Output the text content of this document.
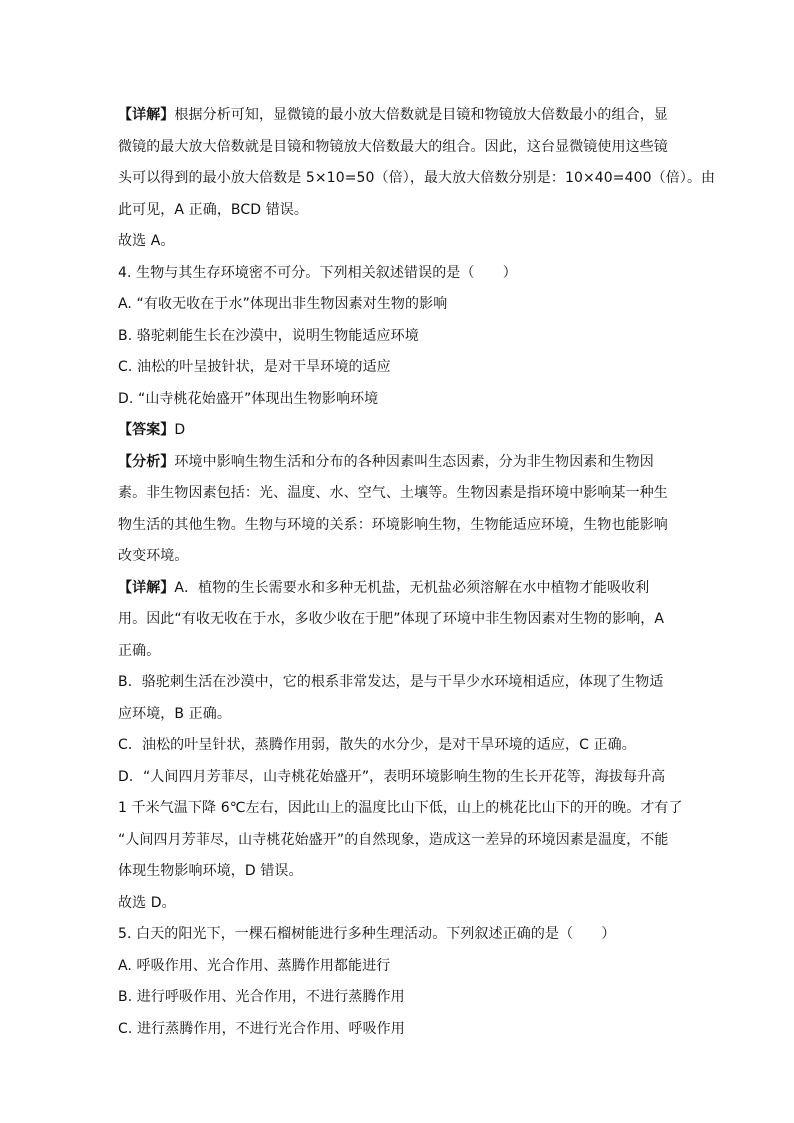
【详解】根据分析可知，显微镜的最小放大倍数就是目镜和物镜放大倍数最小的组合，显
微镜的最大放大倍数就是目镜和物镜放大倍数最大的组合。因此，这台显微镜使用这些镜
头可以得到的最小放大倍数是 5×10=50（倍），最大放大倍数分别是：10×40=400（倍）。由
此可见，A 正确，BCD 错误。
故选 A。
4. 生物与其生存环境密不可分。下列相关叙述错误的是（　　）
A. “有收无收在于水”体现出非生物因素对生物的影响
B. 骆驼刺能生长在沙漠中，说明生物能适应环境
C. 油松的叶呈披针状，是对干旱环境的适应
D. “山寺桃花始盛开”体现出生物影响环境
【答案】D
【分析】环境中影响生物生活和分布的各种因素叫生态因素，分为非生物因素和生物因
素。非生物因素包括：光、温度、水、空气、土壤等。生物因素是指环境中影响某一种生
物生活的其他生物。生物与环境的关系：环境影响生物，生物能适应环境，生物也能影响
改变环境。
【详解】A．植物的生长需要水和多种无机盐，无机盐必须溶解在水中植物才能吸收利
用。因此“有收无收在于水，多收少收在于肥”体现了环境中非生物因素对生物的影响，A
正确。
B．骆驼刺生活在沙漠中，它的根系非常发达，是与干旱少水环境相适应，体现了生物适
应环境，B 正确。
C．油松的叶呈针状，蒸腾作用弱，散失的水分少，是对干旱环境的适应，C 正确。
D．“人间四月芳菲尽，山寺桃花始盛开”，表明环境影响生物的生长开花等，海拔每升高
1 千米气温下降 6℃左右，因此山上的温度比山下低，山上的桃花比山下的开的晚。才有了
“人间四月芳菲尽，山寺桃花始盛开”的自然现象，造成这一差异的环境因素是温度，不能
体现生物影响环境，D 错误。
故选 D。
5. 白天的阳光下，一棵石榴树能进行多种生理活动。下列叙述正确的是（　　）
A. 呼吸作用、光合作用、蒸腾作用都能进行
B. 进行呼吸作用、光合作用，不进行蒸腾作用
C. 进行蒸腾作用，不进行光合作用、呼吸作用
